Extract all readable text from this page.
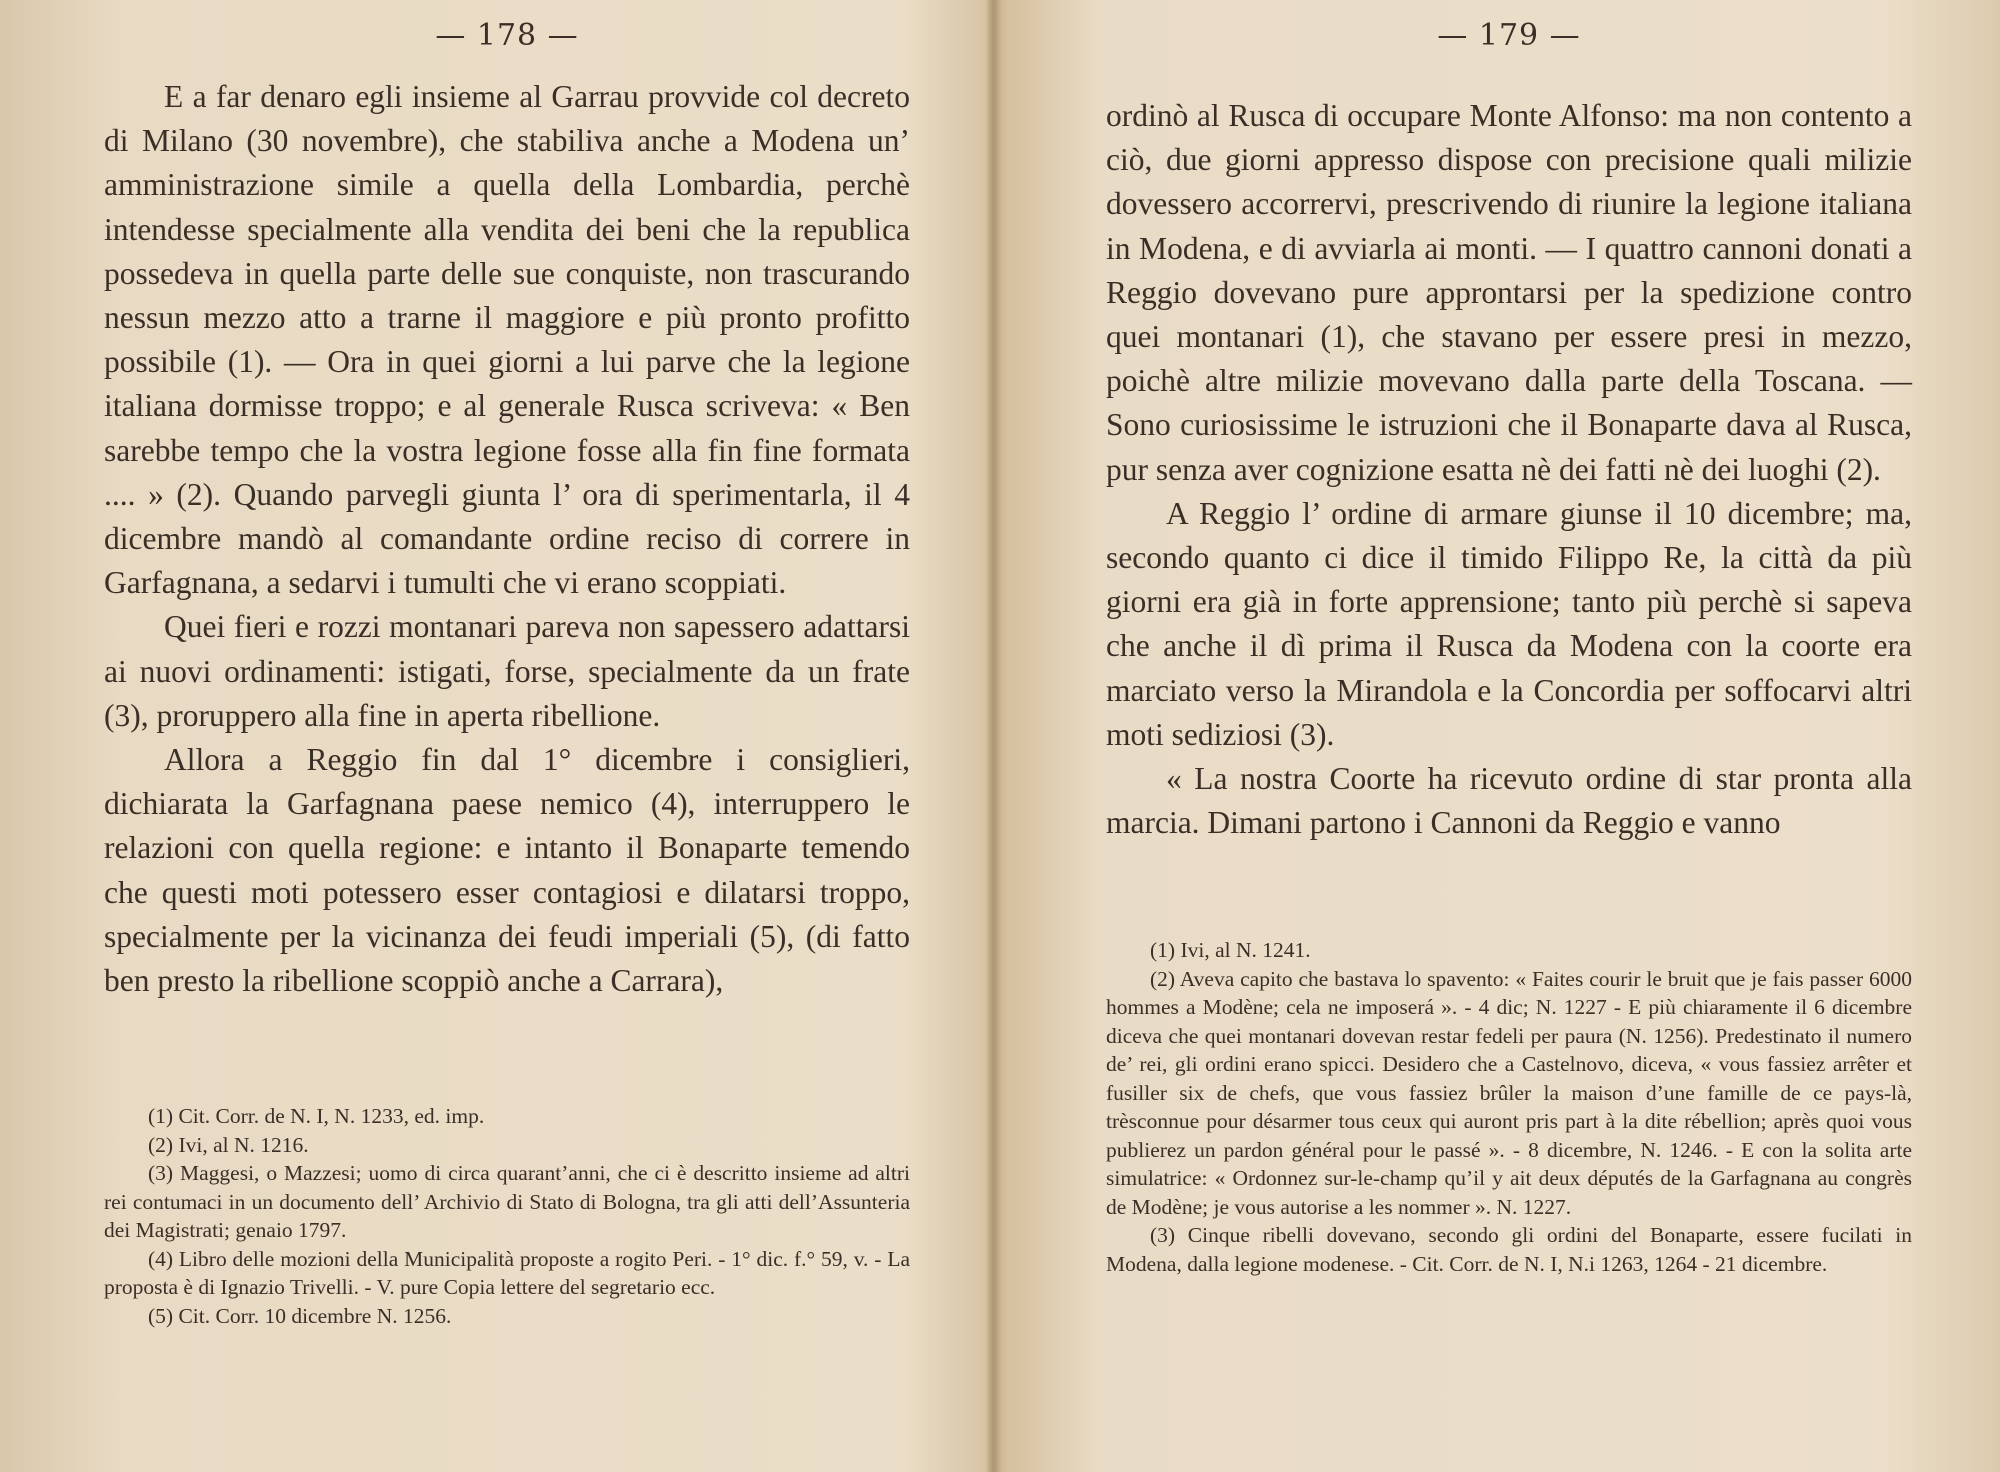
— 178 —

E a far denaro egli insieme al Garrau provvide col decreto di Milano (30 novembre), che stabiliva anche a Modena un’ amministrazione simile a quella della Lombardia, perchè intendesse specialmente alla vendita dei beni che la republica possedeva in quella parte delle sue conquiste, non trascurando nessun mezzo atto a trarne il maggiore e più pronto profitto possibile (1). — Ora in quei giorni a lui parve che la legione italiana dormisse troppo; e al generale Rusca scriveva: « Ben sarebbe tempo che la vostra legione fosse alla fin fine formata .... » (2). Quando parvegli giunta l’ ora di sperimentarla, il 4 dicembre mandò al comandante ordine reciso di correre in Garfagnana, a sedarvi i tumulti che vi erano scoppiati.

Quei fieri e rozzi montanari pareva non sapessero adattarsi ai nuovi ordinamenti: istigati, forse, specialmente da un frate (3), proruppero alla fine in aperta ribellione.

Allora a Reggio fin dal 1° dicembre i consiglieri, dichiarata la Garfagnana paese nemico (4), interruppero le relazioni con quella regione: e intanto il Bonaparte temendo che questi moti potessero esser contagiosi e dilatarsi troppo, specialmente per la vicinanza dei feudi imperiali (5), (di fatto ben presto la ribellione scoppiò anche a Carrara),

(1) Cit. Corr. de N. I, N. 1233, ed. imp.

(2) Ivi, al N. 1216.

(3) Maggesi, o Mazzesi; uomo di circa quarant’anni, che ci è descritto insieme ad altri rei contumaci in un documento dell’ Archivio di Stato di Bologna, tra gli atti dell’Assunteria dei Magistrati; genaio 1797.

(4) Libro delle mozioni della Municipalità proposte a rogito Peri. - 1° dic. f.° 59, v. - La proposta è di Ignazio Trivelli. - V. pure Copia lettere del segretario ecc.

(5) Cit. Corr. 10 dicembre N. 1256.

— 179 —

ordinò al Rusca di occupare Monte Alfonso: ma non contento a ciò, due giorni appresso dispose con precisione quali milizie dovessero accorrervi, prescrivendo di riunire la legione italiana in Modena, e di avviarla ai monti. — I quattro cannoni donati a Reggio dovevano pure approntarsi per la spedizione contro quei montanari (1), che stavano per essere presi in mezzo, poichè altre milizie movevano dalla parte della Toscana. — Sono curiosissime le istruzioni che il Bonaparte dava al Rusca, pur senza aver cognizione esatta nè dei fatti nè dei luoghi (2).

A Reggio l’ ordine di armare giunse il 10 dicembre; ma, secondo quanto ci dice il timido Filippo Re, la città da più giorni era già in forte apprensione; tanto più perchè si sapeva che anche il dì prima il Rusca da Modena con la coorte era marciato verso la Mirandola e la Concordia per soffocarvi altri moti sediziosi (3).

« La nostra Coorte ha ricevuto ordine di star pronta alla marcia. Dimani partono i Cannoni da Reggio e vanno

(1) Ivi, al N. 1241.

(2) Aveva capito che bastava lo spavento: « Faites courir le bruit que je fais passer 6000 hommes a Modène; cela ne imposerá ». - 4 dic; N. 1227 - E più chiaramente il 6 dicembre diceva che quei montanari dovevan restar fedeli per paura (N. 1256). Predestinato il numero de’ rei, gli ordini erano spicci. Desidero che a Castelnovo, diceva, « vous fassiez arrêter et fusiller six de chefs, que vous fassiez brûler la maison d’une famille de ce pays-là, trèsconnue pour désarmer tous ceux qui auront pris part à la dite rébellion; après quoi vous publierez un pardon général pour le passé ». - 8 dicembre, N. 1246. - E con la solita arte simulatrice: « Ordonnez sur-le-champ qu’il y ait deux députés de la Garfagnana au congrès de Modène; je vous autorise a les nommer ». N. 1227.

(3) Cinque ribelli dovevano, secondo gli ordini del Bonaparte, essere fucilati in Modena, dalla legione modenese. - Cit. Corr. de N. I, N.i 1263, 1264 - 21 dicembre.
